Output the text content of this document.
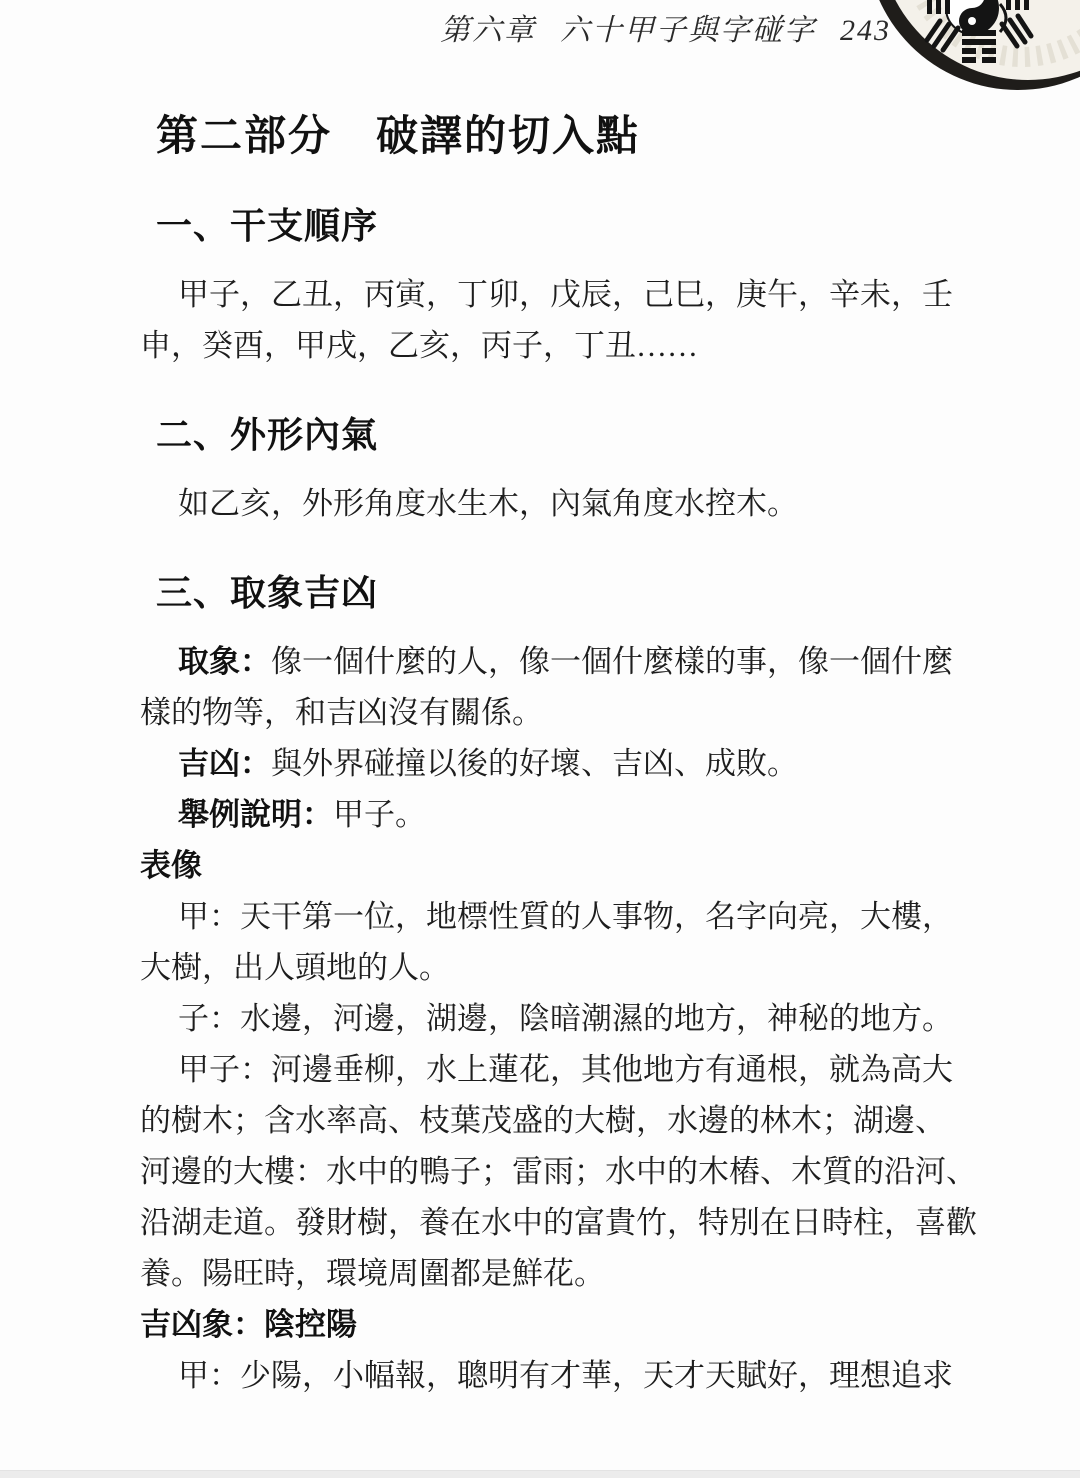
第六章 六十甲子與字碰字 243
第二部分　破譯的切入點
一、干支順序
甲子，乙丑，丙寅，丁卯，戊辰，己巳，庚午，辛未，壬
申，癸酉，甲戌，乙亥，丙子，丁丑……
二、外形內氣
如乙亥，外形角度水生木，內氣角度水控木。
三、取象吉凶
取象：像一個什麼的人，像一個什麼樣的事，像一個什麼
樣的物等，和吉凶沒有關係。
吉凶：與外界碰撞以後的好壞、吉凶、成敗。
舉例說明：甲子。
表像
甲：天干第一位，地標性質的人事物，名字向亮，大樓，
大樹，出人頭地的人。
子：水邊，河邊，湖邊，陰暗潮濕的地方，神秘的地方。
甲子：河邊垂柳，水上蓮花，其他地方有通根，就為高大
的樹木；含水率高、枝葉茂盛的大樹，水邊的林木；湖邊、
河邊的大樓：水中的鴨子；雷雨；水中的木樁、木質的沿河、
沿湖走道。發財樹，養在水中的富貴竹，特別在日時柱，喜歡
養。陽旺時，環境周圍都是鮮花。
吉凶象：陰控陽
甲：少陽，小幅報，聰明有才華，天才天賦好，理想追求
